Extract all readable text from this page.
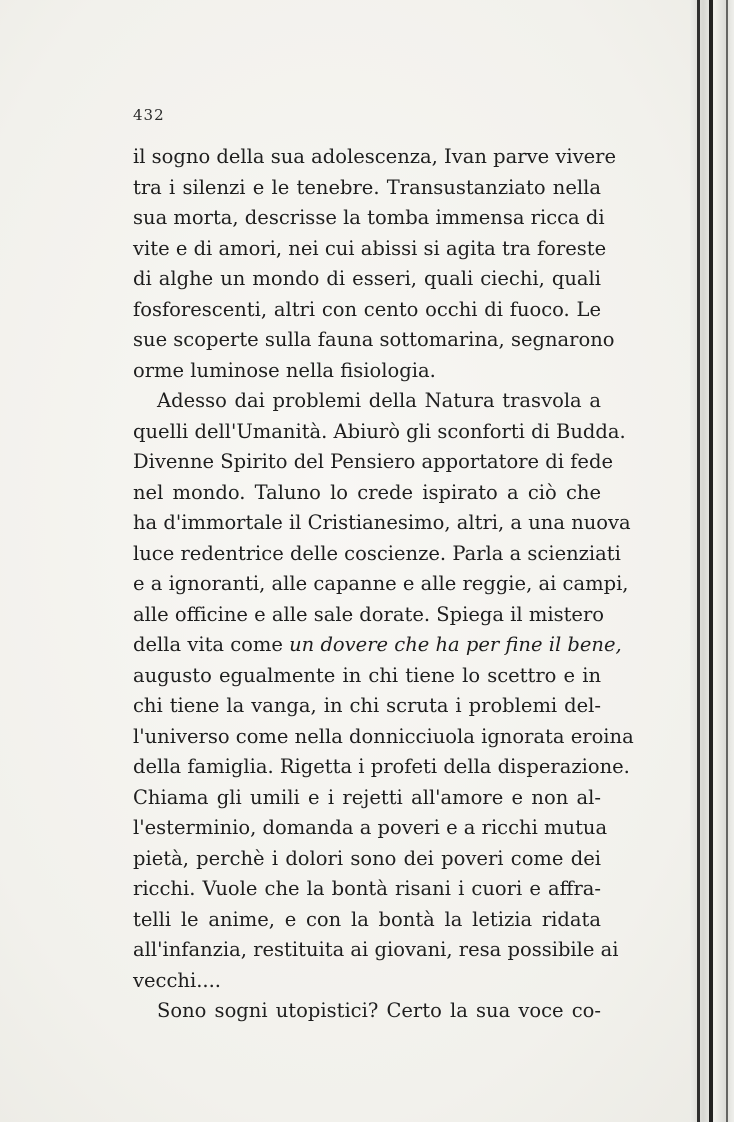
432
il sogno della sua adolescenza, Ivan parve vivere
tra i silenzi e le tenebre. Transustanziato nella
sua morta, descrisse la tomba immensa ricca di
vite e di amori, nei cui abissi si agita tra foreste
di alghe un mondo di esseri, quali ciechi, quali
fosforescenti, altri con cento occhi di fuoco. Le
sue scoperte sulla fauna sottomarina, segnarono
orme luminose nella fisiologia.
Adesso dai problemi della Natura trasvola a
quelli dell'Umanità. Abiurò gli sconforti di Budda.
Divenne Spirito del Pensiero apportatore di fede
nel mondo. Taluno lo crede ispirato a ciò che
ha d'immortale il Cristianesimo, altri, a una nuova
luce redentrice delle coscienze. Parla a scienziati
e a ignoranti, alle capanne e alle reggie, ai campi,
alle officine e alle sale dorate. Spiega il mistero
della vita come un dovere che ha per fine il bene,
augusto egualmente in chi tiene lo scettro e in
chi tiene la vanga, in chi scruta i problemi del-
l'universo come nella donnicciuola ignorata eroina
della famiglia. Rigetta i profeti della disperazione.
Chiama gli umili e i rejetti all'amore e non al-
l'esterminio, domanda a poveri e a ricchi mutua
pietà, perchè i dolori sono dei poveri come dei
ricchi. Vuole che la bontà risani i cuori e affra-
telli le anime, e con la bontà la letizia ridata
all'infanzia, restituita ai giovani, resa possibile ai
vecchi....
Sono sogni utopistici? Certo la sua voce co-
